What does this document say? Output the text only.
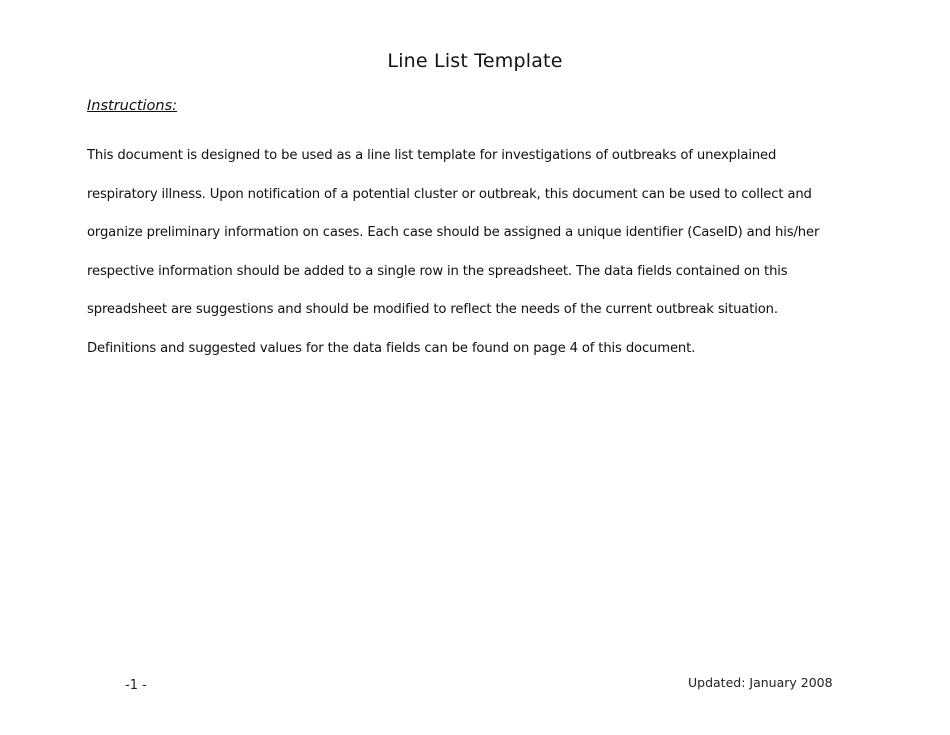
Line List Template
Instructions:
This document is designed to be used as a line list template for investigations of outbreaks of unexplained
respiratory illness. Upon notification of a potential cluster or outbreak, this document can be used to collect and
organize preliminary information on cases. Each case should be assigned a unique identifier (CaseID) and his/her
respective information should be added to a single row in the spreadsheet. The data fields contained on this
spreadsheet are suggestions and should be modified to reflect the needs of the current outbreak situation.
Definitions and suggested values for the data fields can be found on page 4 of this document.
-1 -	Updated: January 2008
